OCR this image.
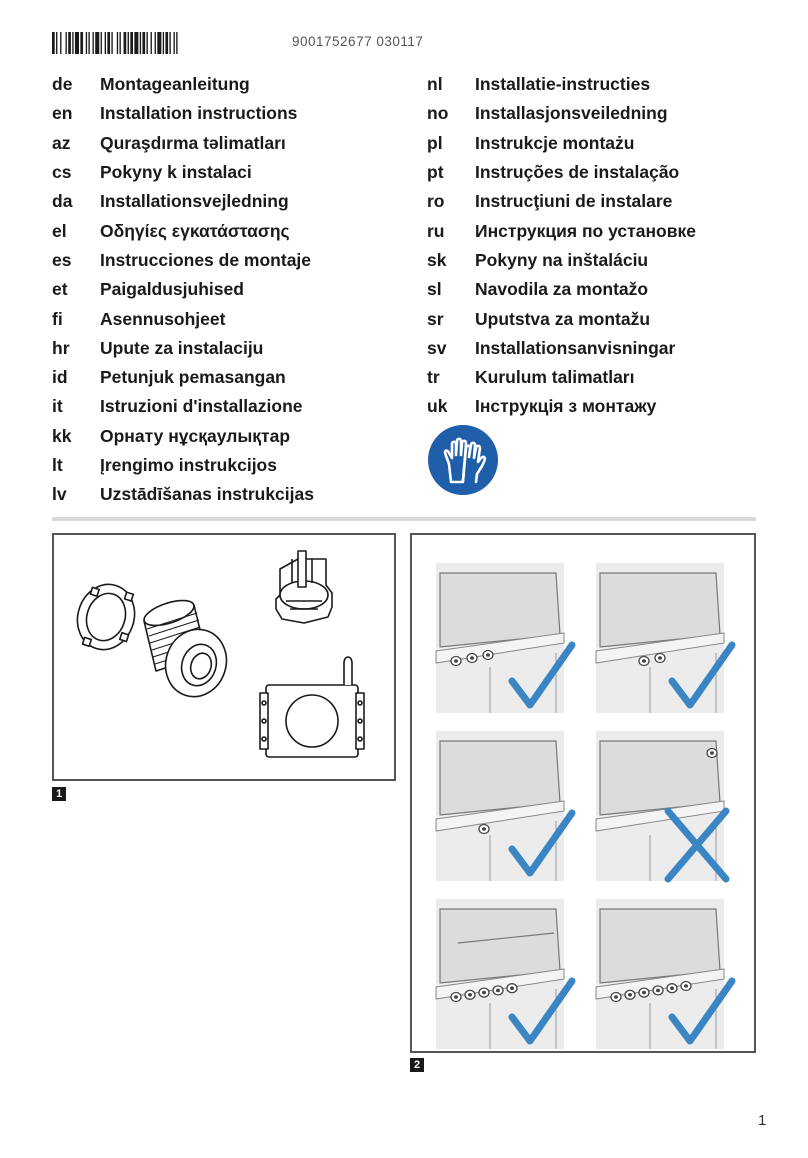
9001752677 030117
de	Montageanleitung
en	Installation instructions
az	Quraşdırma təlimatları
cs	Pokyny k instalaci
da	Installationsvejledning
el	Οδηγίες εγκατάστασης
es	Instrucciones de montaje
et	Paigaldusjuhised
fi	Asennusohjeet
hr	Upute za instalaciju
id	Petunjuk pemasangan
it	Istruzioni d'installazione
kk	Орнату нұсқаулықтар
lt	Įrengimo instrukcijos
lv	Uzstādīšanas instrukcijas
nl	Installatie-instructies
no	Installasjonsveiledning
pl	Instrukcje montażu
pt	Instruções de instalação
ro	Instrucţiuni de instalare
ru	Инструкция по установке
sk	Pokyny na inštaláciu
sl	Navodila za montažo
sr	Uputstva za montažu
sv	Installationsanvisningar
tr	Kurulum talimatları
uk	Інструкція з монтажу
1
2
1
